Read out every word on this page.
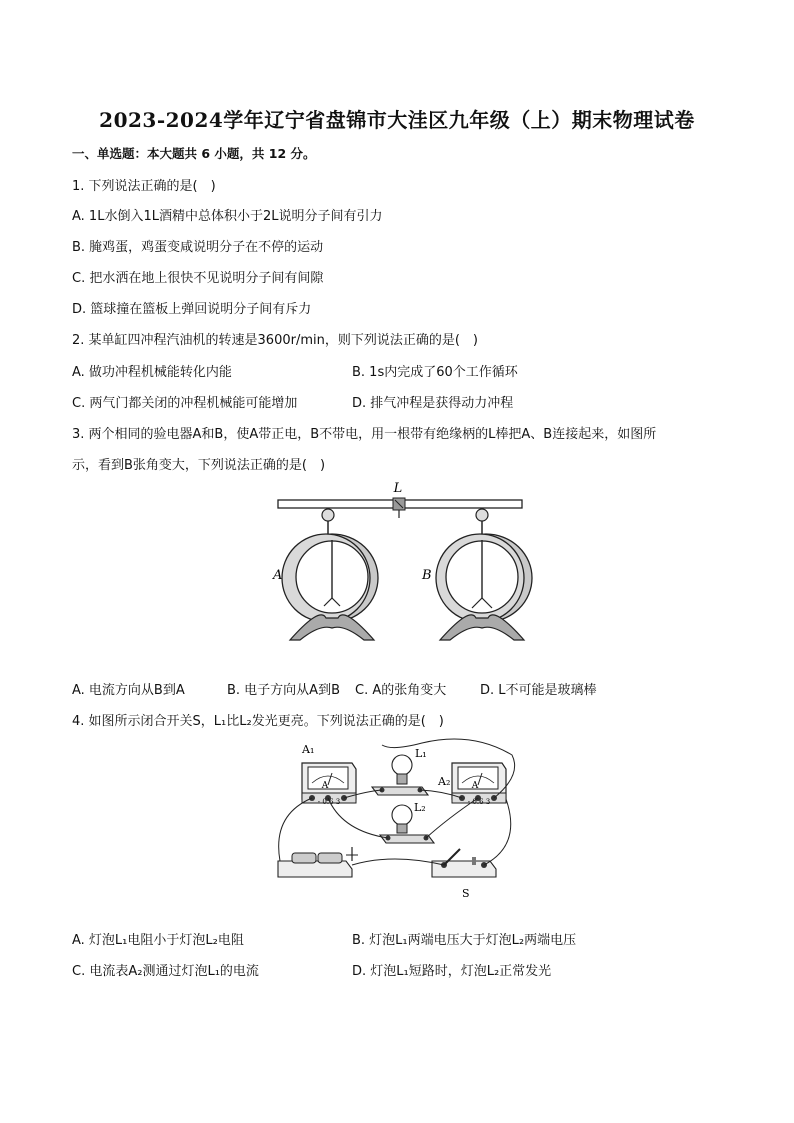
2023-2024学年辽宁省盘锦市大洼区九年级（上）期末物理试卷
一、单选题：本大题共 6 小题，共 12 分。
1. 下列说法正确的是(　)
A. 1L水倒入1L酒精中总体积小于2L说明分子间有引力
B. 腌鸡蛋，鸡蛋变咸说明分子在不停的运动
C. 把水洒在地上很快不见说明分子间有间隙
D. 篮球撞在篮板上弹回说明分子间有斥力
2. 某单缸四冲程汽油机的转速是3600r/min，则下列说法正确的是(　)
A. 做功冲程机械能转化内能	B. 1s内完成了60个工作循环
C. 两气门都关闭的冲程机械能可能增加	D. 排气冲程是获得动力冲程
3. 两个相同的验电器A和B，使A带正电，B不带电，用一根带有绝缘柄的L棒把A、B连接起来，如图所
示，看到B张角变大，下列说法正确的是(　)
L
A	B
A. 电流方向从B到A	B. 电子方向从A到B C. A的张角变大	D. L不可能是玻璃棒
4. 如图所示闭合开关S，L₁比L₂发光更亮。下列说法正确的是(　)
A
- 0.6 3
A₁	L₁
A
- 0.6 3
A₂
L₂
S
A. 灯泡L₁电阻小于灯泡L₂电阻	B. 灯泡L₁两端电压大于灯泡L₂两端电压
C. 电流表A₂测通过灯泡L₁的电流	D. 灯泡L₁短路时，灯泡L₂正常发光
